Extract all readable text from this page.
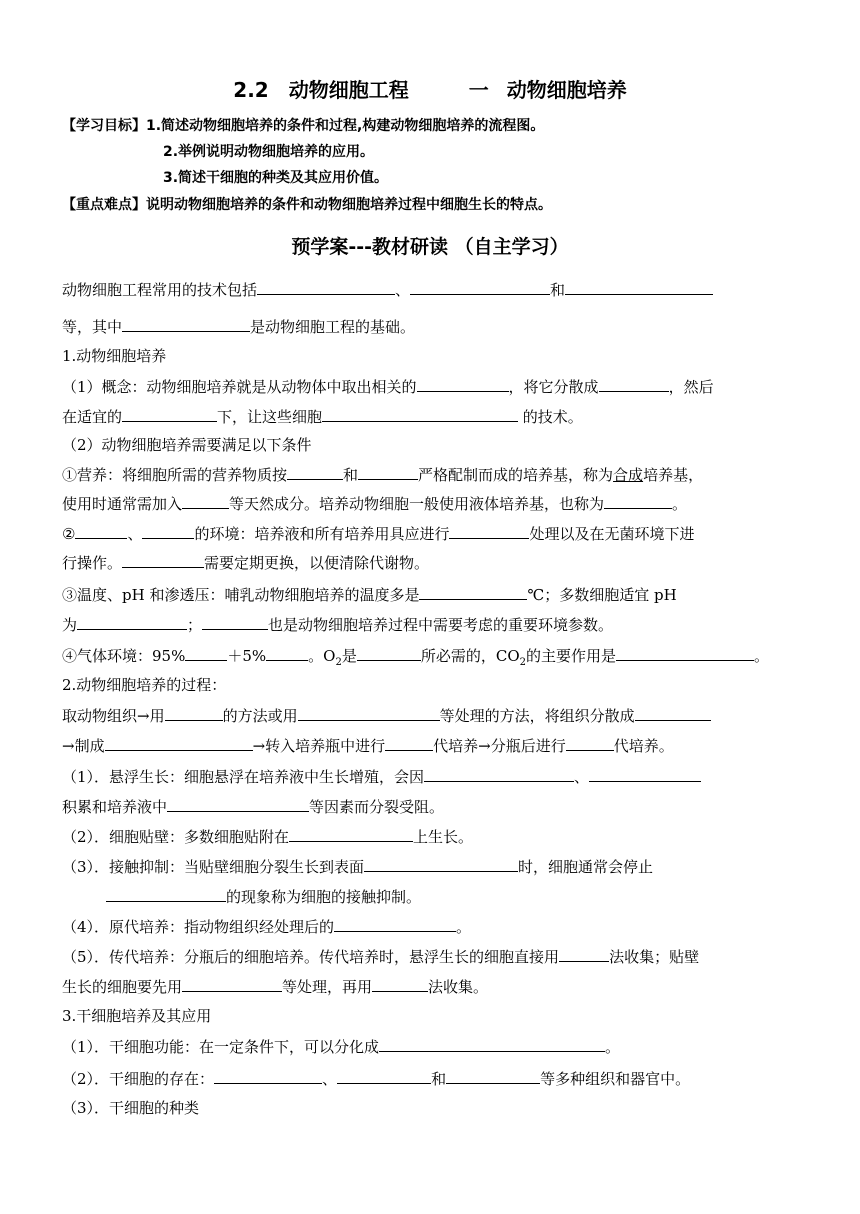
2.2 动物细胞工程	一 动物细胞培养
【学习目标】1.简述动物细胞培养的条件和过程,构建动物细胞培养的流程图。
2.举例说明动物细胞培养的应用。
3.简述干细胞的种类及其应用价值。
【重点难点】说明动物细胞培养的条件和动物细胞培养过程中细胞生长的特点。
预学案---教材研读 （自主学习）
动物细胞工程常用的技术包括	、	和
等，其中	是动物细胞工程的基础。
1.动物细胞培养
（1）概念：动物细胞培养就是从动物体中取出相关的	，将它分散成	，然后
在适宜的	下，让这些细胞	的技术。
（2）动物细胞培养需要满足以下条件
①营养：将细胞所需的营养物质按	和	严格配制而成的培养基，称为合成培养基，
使用时通常需加入	等天然成分。培养动物细胞一般使用液体培养基，也称为	。
②	、	的环境：培养液和所有培养用具应进行	处理以及在无菌环境下进
行操作。	需要定期更换，以便清除代谢物。
③温度、pH 和渗透压：哺乳动物细胞培养的温度多是	℃；多数细胞适宜 pH
为	；	也是动物细胞培养过程中需要考虑的重要环境参数。
④气体环境：95%	＋5%	。$O_2$是	所必需的，$CO_2$的主要作用是	。
2.动物细胞培养的过程：
取动物组织→用	的方法或用	等处理的方法，将组织分散成
→制成	→转入培养瓶中进行	代培养→分瓶后进行	代培养。
（1）．悬浮生长：细胞悬浮在培养液中生长增殖，会因	、
积累和培养液中	等因素而分裂受阻。
（2）．细胞贴壁：多数细胞贴附在	上生长。
（3）．接触抑制：当贴壁细胞分裂生长到表面	时，细胞通常会停止
的现象称为细胞的接触抑制。
（4）．原代培养：指动物组织经处理后的	。
（5）．传代培养：分瓶后的细胞培养。传代培养时，悬浮生长的细胞直接用	法收集；贴壁
生长的细胞要先用	等处理，再用	法收集。
3.干细胞培养及其应用
（1）．干细胞功能：在一定条件下，可以分化成	。
（2）．干细胞的存在：	、	和	等多种组织和器官中。
（3）．干细胞的种类
